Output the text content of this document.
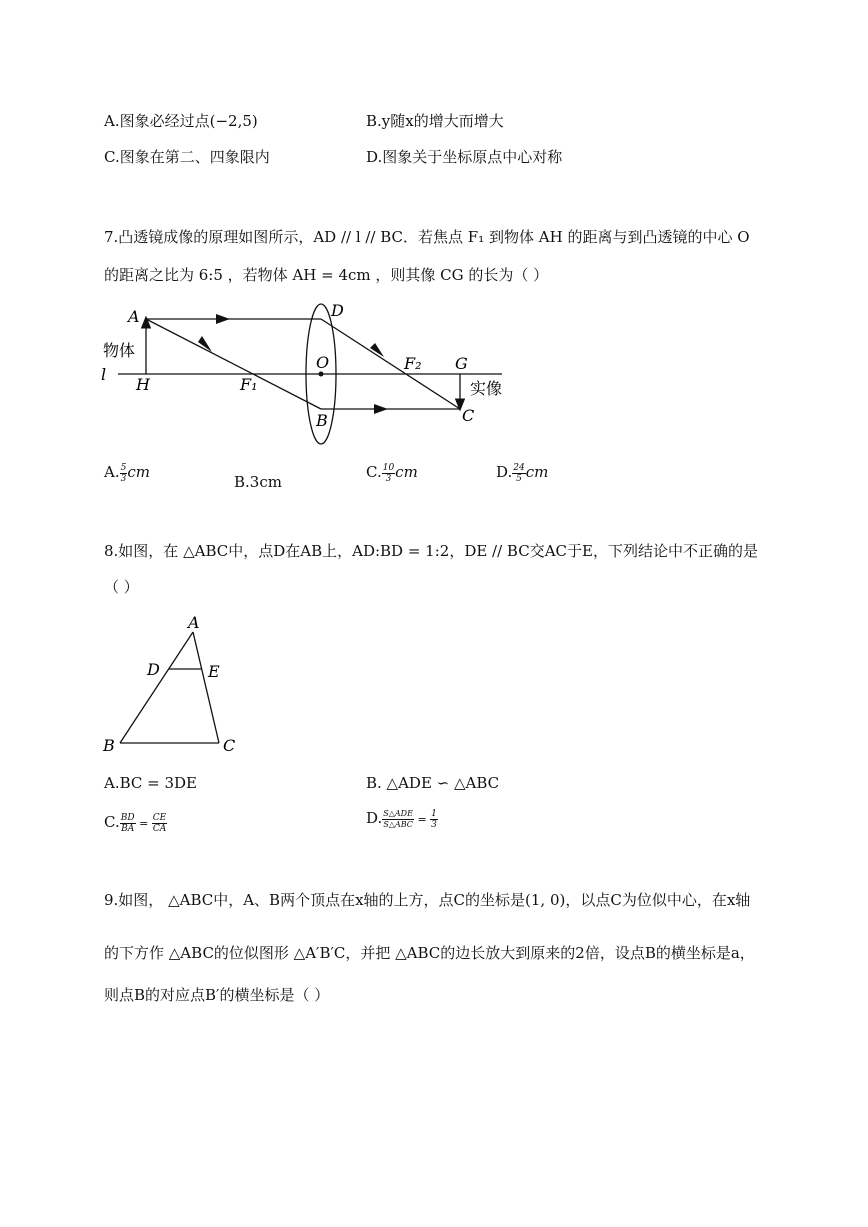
A.图象必经过点(−2,5)	B.y随x的增大而增大
C.图象在第二、四象限内	D.图象关于坐标原点中心对称
7.凸透镜成像的原理如图所示，AD // l // BC．若焦点 F₁ 到物体 AH 的距离与到凸透镜的中心 O
的距离之比为 6:5 ，若物体 AH = 4cm ，则其像 CG 的长为（ ）
A	D
O	F₂ G
H	F₁
B	C
l
物体
实像
A. $\frac{5}{3}$ cm
B.3cm
C. $\frac{10}{3}$ cm	D. $\frac{24}{5}$ cm
8.如图，在 △ABC中，点D在AB上，AD:BD = 1:2，DE // BC交AC于E，下列结论中不正确的是
（ ）
A
D	E
B	C
A.BC = 3DE	B. △ADE ∽ △ABC
C. $\frac{BD}{BA} = \frac{CE}{CA}$	D. $\frac{\text{S△ADE}}{\text{S△ABC}} = \frac{1}{3}$
9.如图， △ABC中，A、B两个顶点在x轴的上方，点C的坐标是(1, 0)，以点C为位似中心，在x轴
的下方作 △ABC的位似图形 △A′B′C，并把 △ABC的边长放大到原来的2倍，设点B的横坐标是a，
则点B的对应点B′的横坐标是（ ）
